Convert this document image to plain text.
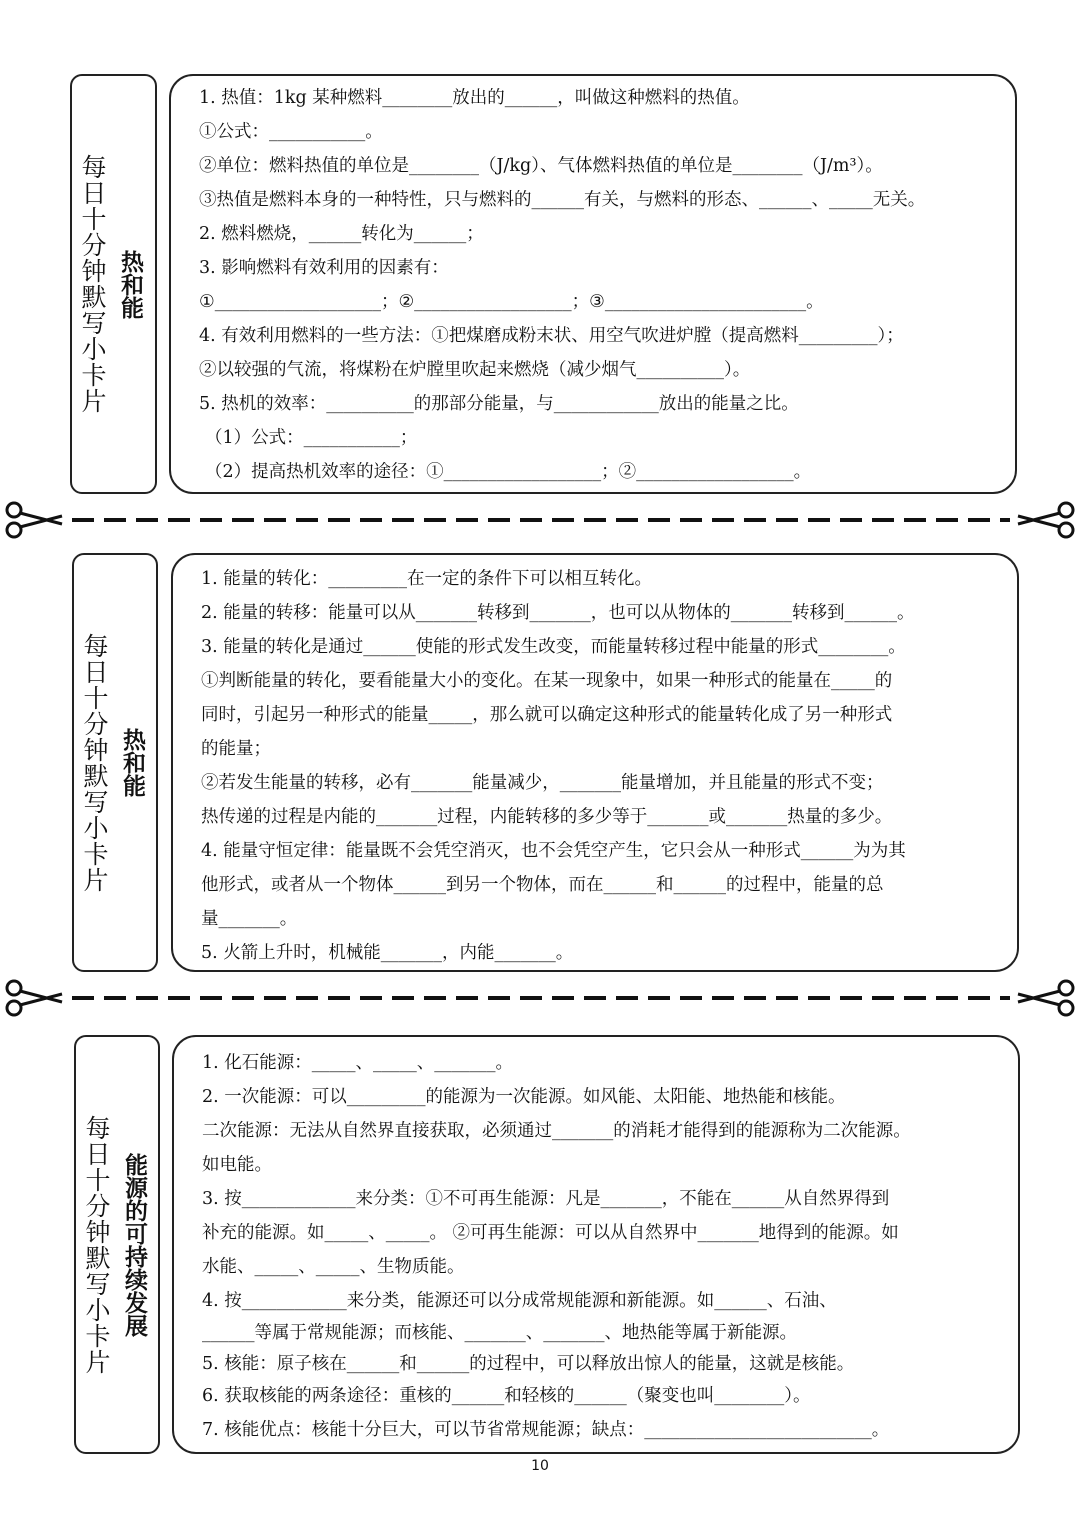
每日十分钟默写小卡片 热和能
1. 热值：1kg 某种燃料________放出的______，叫做这种燃料的热值。
①公式：___________。
②单位：燃料热值的单位是________（J/kg）、气体燃料热值的单位是________（J/m³）。
③热值是燃料本身的一种特性，只与燃料的______有关，与燃料的形态、______、_____无关。
2. 燃料燃烧，______转化为______；
3. 影响燃料有效利用的因素有：
①___________________；②__________________；③_______________________。
4. 有效利用燃料的一些方法：①把煤磨成粉末状、用空气吹进炉膛（提高燃料_________）；
②以较强的气流，将煤粉在炉膛里吹起来燃烧（减少烟气__________）。
5. 热机的效率：__________的那部分能量，与____________放出的能量之比。
（1）公式：___________；
（2）提高热机效率的途径：①__________________；②__________________。
每日十分钟默写小卡片 热和能
1. 能量的转化：_________在一定的条件下可以相互转化。
2. 能量的转移：能量可以从_______转移到_______，也可以从物体的_______转移到______。
3. 能量的转化是通过______使能的形式发生改变，而能量转移过程中能量的形式________。
①判断能量的转化，要看能量大小的变化。在某一现象中，如果一种形式的能量在_____的
同时，引起另一种形式的能量_____，那么就可以确定这种形式的能量转化成了另一种形式
的能量；
②若发生能量的转移，必有_______能量减少，_______能量增加，并且能量的形式不变；
热传递的过程是内能的_______过程，内能转移的多少等于_______或_______热量的多少。
4. 能量守恒定律：能量既不会凭空消灭，也不会凭空产生，它只会从一种形式______为为其
他形式，或者从一个物体______到另一个物体，而在______和______的过程中，能量的总
量_______。
5. 火箭上升时，机械能_______，内能_______。
每日十分钟默写小卡片 能源的可持续发展
1. 化石能源：_____、_____、_______。
2. 一次能源：可以_________的能源为一次能源。如风能、太阳能、地热能和核能。
二次能源：无法从自然界直接获取，必须通过_______的消耗才能得到的能源称为二次能源。
如电能。
3. 按_____________来分类：①不可再生能源：凡是_______，不能在______从自然界得到
补充的能源。如_____、_____。 ②可再生能源：可以从自然界中_______地得到的能源。如
水能、_____、_____、生物质能。
4. 按____________来分类，能源还可以分成常规能源和新能源。如______、石油、
______等属于常规能源；而核能、_______、_______、地热能等属于新能源。
5. 核能：原子核在______和______的过程中，可以释放出惊人的能量，这就是核能。
6. 获取核能的两条途径：重核的______和轻核的______（聚变也叫________）。
7. 核能优点：核能十分巨大，可以节省常规能源；缺点：__________________________。
10
